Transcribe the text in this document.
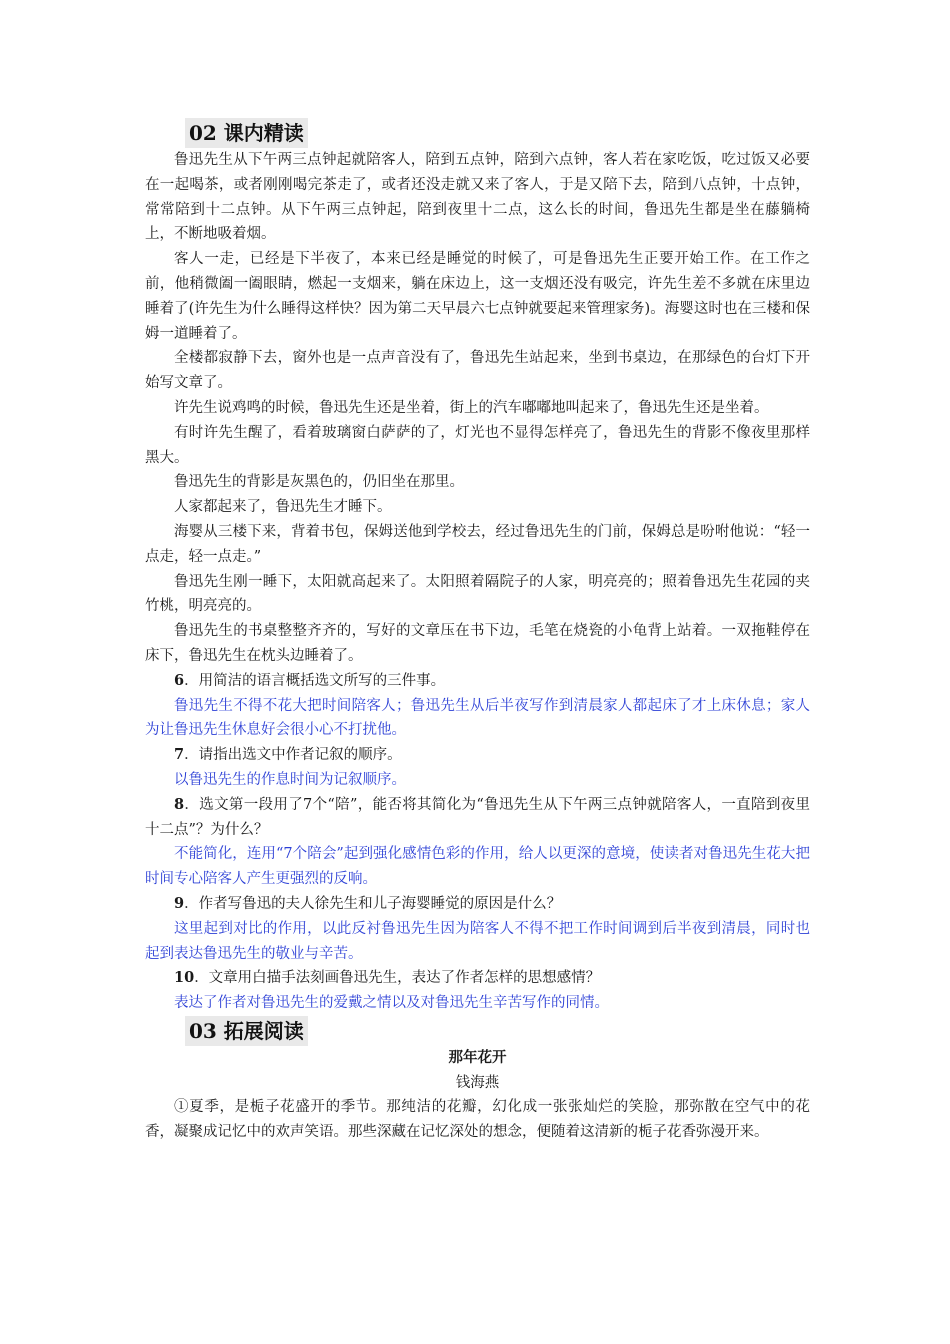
02 课内精读

鲁迅先生从下午两三点钟起就陪客人，陪到五点钟，陪到六点钟，客人若在家吃饭，吃过饭又必要在一起喝茶，或者刚刚喝完茶走了，或者还没走就又来了客人，于是又陪下去，陪到八点钟，十点钟，常常陪到十二点钟。从下午两三点钟起，陪到夜里十二点，这么长的时间，鲁迅先生都是坐在藤躺椅上，不断地吸着烟。

客人一走，已经是下半夜了，本来已经是睡觉的时候了，可是鲁迅先生正要开始工作。在工作之前，他稍微阖一阖眼睛，燃起一支烟来，躺在床边上，这一支烟还没有吸完，许先生差不多就在床里边睡着了(许先生为什么睡得这样快？因为第二天早晨六七点钟就要起来管理家务)。海婴这时也在三楼和保姆一道睡着了。

全楼都寂静下去，窗外也是一点声音没有了，鲁迅先生站起来，坐到书桌边，在那绿色的台灯下开始写文章了。

许先生说鸡鸣的时候，鲁迅先生还是坐着，街上的汽车嘟嘟地叫起来了，鲁迅先生还是坐着。

有时许先生醒了，看着玻璃窗白萨萨的了，灯光也不显得怎样亮了，鲁迅先生的背影不像夜里那样黑大。

鲁迅先生的背影是灰黑色的，仍旧坐在那里。

人家都起来了，鲁迅先生才睡下。

海婴从三楼下来，背着书包，保姆送他到学校去，经过鲁迅先生的门前，保姆总是吩咐他说：“轻一点走，轻一点走。”

鲁迅先生刚一睡下，太阳就高起来了。太阳照着隔院子的人家，明亮亮的；照着鲁迅先生花园的夹竹桃，明亮亮的。

鲁迅先生的书桌整整齐齐的，写好的文章压在书下边，毛笔在烧瓷的小龟背上站着。一双拖鞋停在床下，鲁迅先生在枕头边睡着了。

6．用简洁的语言概括选文所写的三件事。

鲁迅先生不得不花大把时间陪客人；鲁迅先生从后半夜写作到清晨家人都起床了才上床休息；家人为让鲁迅先生休息好会很小心不打扰他。

7．请指出选文中作者记叙的顺序。

以鲁迅先生的作息时间为记叙顺序。

8．选文第一段用了7个“陪”，能否将其简化为“鲁迅先生从下午两三点钟就陪客人，一直陪到夜里十二点”？为什么？

不能简化，连用“7个陪会”起到强化感情色彩的作用，给人以更深的意境，使读者对鲁迅先生花大把时间专心陪客人产生更强烈的反响。

9．作者写鲁迅的夫人徐先生和儿子海婴睡觉的原因是什么？

这里起到对比的作用，以此反衬鲁迅先生因为陪客人不得不把工作时间调到后半夜到清晨，同时也起到表达鲁迅先生的敬业与辛苦。

10．文章用白描手法刻画鲁迅先生，表达了作者怎样的思想感情？

表达了作者对鲁迅先生的爱戴之情以及对鲁迅先生辛苦写作的同情。

03 拓展阅读

那年花开

钱海燕

①夏季，是栀子花盛开的季节。那纯洁的花瓣，幻化成一张张灿烂的笑脸，那弥散在空气中的花香，凝聚成记忆中的欢声笑语。那些深藏在记忆深处的想念，便随着这清新的栀子花香弥漫开来。
